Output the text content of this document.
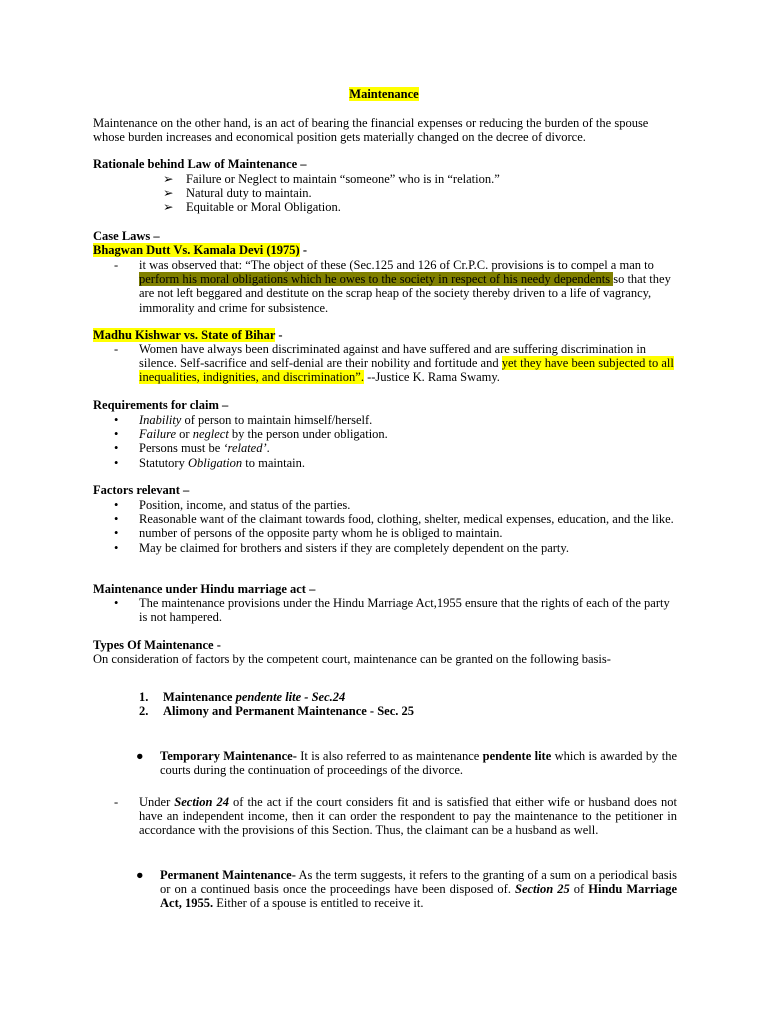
Maintenance
Maintenance on the other hand, is an act of bearing the financial expenses or reducing the burden of the spouse whose burden increases and economical position gets materially changed on the decree of divorce.
Rationale behind Law of Maintenance –
➢ Failure or Neglect to maintain “someone” who is in “relation.”
➢ Natural duty to maintain.
➢ Equitable or Moral Obligation.
Case Laws –
Bhagwan Dutt Vs. Kamala Devi (1975) -
- it was observed that: “The object of these (Sec.125 and 126 of Cr.P.C. provisions is to compel a man to perform his moral obligations which he owes to the society in respect of his needy dependents so that they are not left beggared and destitute on the scrap heap of the society thereby driven to a life of vagrancy, immorality and crime for subsistence.
Madhu Kishwar vs. State of Bihar -
- Women have always been discriminated against and have suffered and are suffering discrimination in silence. Self-sacrifice and self-denial are their nobility and fortitude and yet they have been subjected to all inequalities, indignities, and discrimination”. --Justice K. Rama Swamy.
Requirements for claim –
• Inability of person to maintain himself/herself.
• Failure or neglect by the person under obligation.
• Persons must be ‘related’.
• Statutory Obligation to maintain.
Factors relevant –
• Position, income, and status of the parties.
• Reasonable want of the claimant towards food, clothing, shelter, medical expenses, education, and the like.
• number of persons of the opposite party whom he is obliged to maintain.
• May be claimed for brothers and sisters if they are completely dependent on the party.
Maintenance under Hindu marriage act –
• The maintenance provisions under the Hindu Marriage Act,1955 ensure that the rights of each of the party is not hampered.
Types Of Maintenance -
On consideration of factors by the competent court, maintenance can be granted on the following basis-
1. Maintenance pendente lite - Sec.24
2. Alimony and Permanent Maintenance - Sec. 25
● Temporary Maintenance- It is also referred to as maintenance pendente lite which is awarded by the courts during the continuation of proceedings of the divorce.
- Under Section 24 of the act if the court considers fit and is satisfied that either wife or husband does not have an independent income, then it can order the respondent to pay the maintenance to the petitioner in accordance with the provisions of this Section. Thus, the claimant can be a husband as well.
● Permanent Maintenance- As the term suggests, it refers to the granting of a sum on a periodical basis or on a continued basis once the proceedings have been disposed of. Section 25 of Hindu Marriage Act, 1955. Either of a spouse is entitled to receive it.
